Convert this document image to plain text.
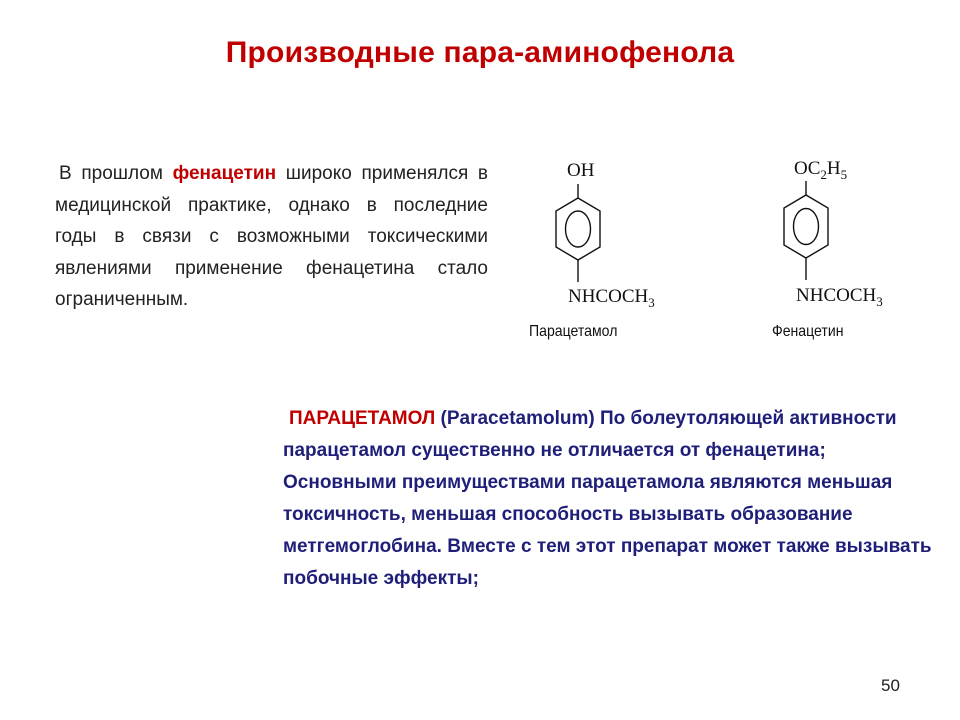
Производные пара-аминофенола

В прошлом фенацетин широко применялся в медицинской практике, однако в последние годы в связи с возможными токсическими явлениями применение фенацетина стало ограниченным.

OH
$NHCOCH_3$
Парацетамол
$OC_2H_5$
$NHCOCH_3$
Фенацетин

ПАРАЦЕТАМОЛ (Paracetamolum) По болеутоляющей активности парацетамол существенно не отличается от фенацетина; Основными преимуществами парацетамола являются меньшая токсичность, меньшая способность вызывать образование метгемоглобина. Вместе с тем этот препарат может также вызывать побочные эффекты;

50
